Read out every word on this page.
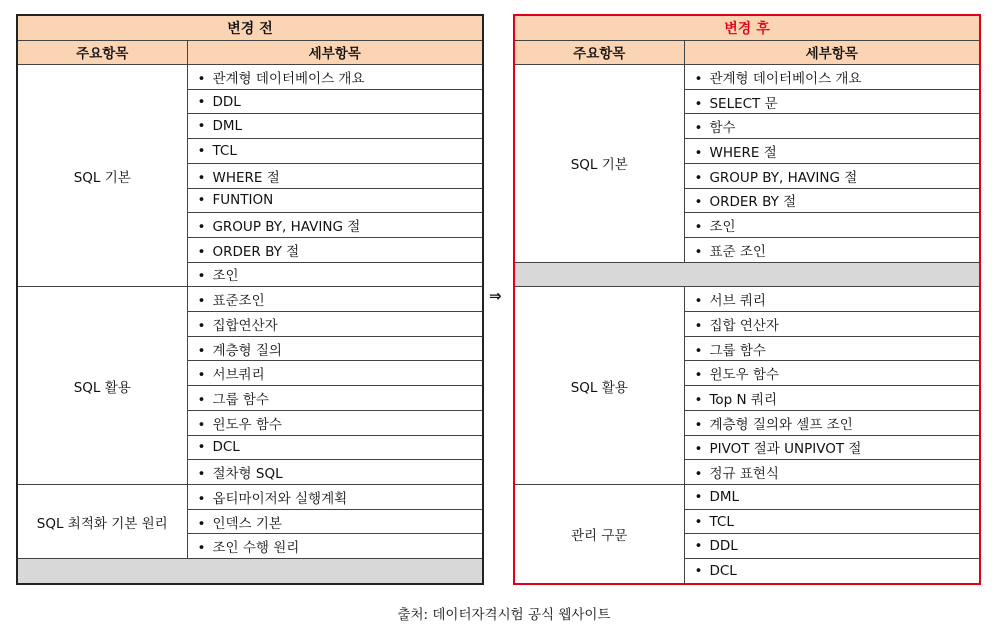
변경 전	
주요항목	세부항목
SQL 기본	• 관계형 데이터베이스 개요
	• DDL
	• DML
	• TCL
	• WHERE 절
	• FUNTION
	• GROUP BY, HAVING 절
	• ORDER BY 절
	• 조인
SQL 활용	• 표준조인
	• 집합연산자
	• 계층형 질의
	• 서브쿼리
	• 그룹 함수
	• 윈도우 함수
	• DCL
	• 절차형 SQL
SQL 최적화 기본 원리	• 옵티마이저와 실행계획
	• 인덱스 기본
	• 조인 수행 원리

⇒
변경 후	
주요항목	세부항목
SQL 기본	• 관계형 데이터베이스 개요
	• SELECT 문
	• 함수
	• WHERE 절
	• GROUP BY, HAVING 절
	• ORDER BY 절
	• 조인
	• 표준 조인

SQL 활용	• 서브 쿼리
	• 집합 연산자
	• 그룹 함수
	• 윈도우 함수
	• Top N 쿼리
	• 계층형 질의와 셀프 조인
	• PIVOT 절과 UNPIVOT 절
	• 정규 표현식
관리 구문	• DML
	• TCL
	• DDL
	• DCL
출처: 데이터자격시험 공식 웹사이트
